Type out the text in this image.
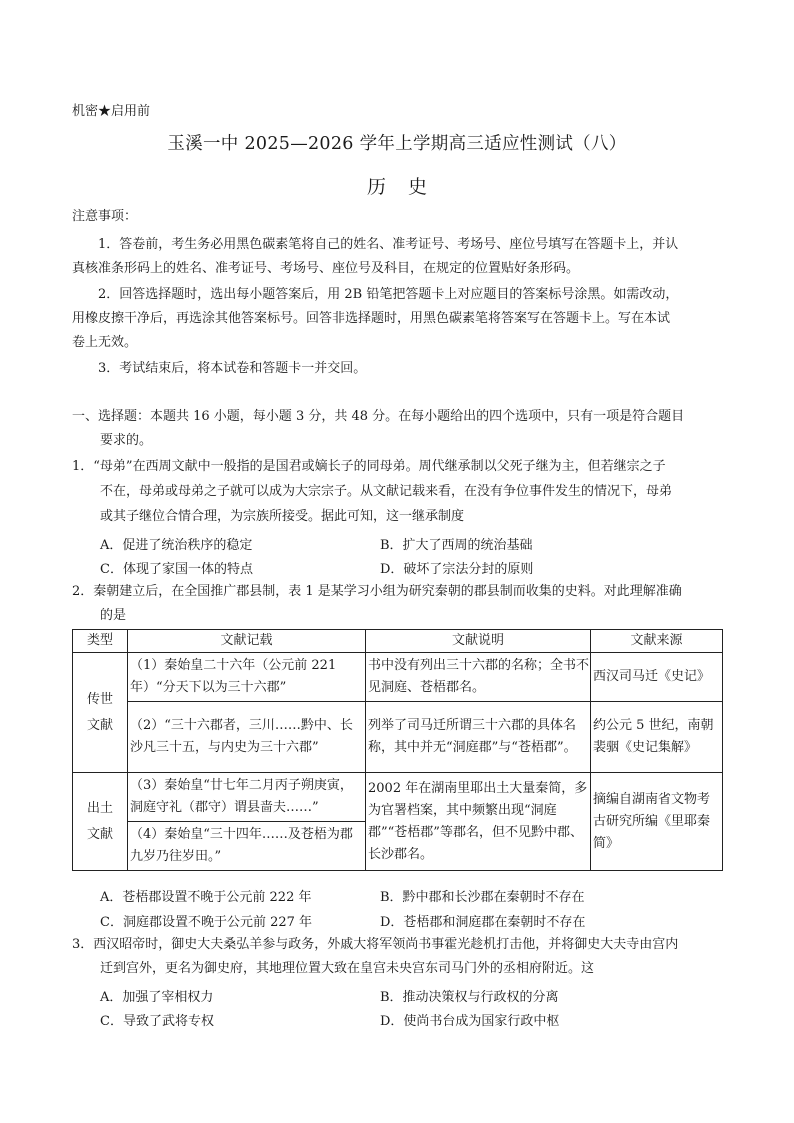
机密★启用前
玉溪一中 2025—2026 学年上学期高三适应性测试（八）
历史
注意事项：
1．答卷前，考生务必用黑色碳素笔将自己的姓名、准考证号、考场号、座位号填写在答题卡上，并认
真核准条形码上的姓名、准考证号、考场号、座位号及科目，在规定的位置贴好条形码。
2．回答选择题时，选出每小题答案后，用 2B 铅笔把答题卡上对应题目的答案标号涂黑。如需改动，
用橡皮擦干净后，再选涂其他答案标号。回答非选择题时，用黑色碳素笔将答案写在答题卡上。写在本试
卷上无效。
3．考试结束后，将本试卷和答题卡一并交回。
一、选择题：本题共 16 小题，每小题 3 分，共 48 分。在每小题给出的四个选项中，只有一项是符合题目
要求的。
1．“母弟”在西周文献中一般指的是国君或嫡长子的同母弟。周代继承制以父死子继为主，但若继宗之子
不在，母弟或母弟之子就可以成为大宗宗子。从文献记载来看，在没有争位事件发生的情况下，母弟
或其子继位合情合理，为宗族所接受。据此可知，这一继承制度
A．促进了统治秩序的稳定	B．扩大了西周的统治基础
C．体现了家国一体的特点	D．破坏了宗法分封的原则
2．秦朝建立后，在全国推广郡县制，表 1 是某学习小组为研究秦朝的郡县制而收集的史料。对此理解准确
的是
类型	文献记载	文献说明	文献来源
传世文献	（1）秦始皇二十六年（公元前 221 年）“分天下以为三十六郡”	书中没有列出三十六郡的名称；全书不见洞庭、苍梧郡名。	西汉司马迁《史记》
	（2）“三十六郡者，三川……黔中、长沙凡三十五，与内史为三十六郡”	列举了司马迁所谓三十六郡的具体名称，其中并无“洞庭郡”与“苍梧郡”。	约公元 5 世纪，南朝裴骃《史记集解》
出土文献	（3）秦始皇“廿七年二月丙子朔庚寅，洞庭守礼（郡守）谓县啬夫……”	2002 年在湖南里耶出土大量秦简，多为官署档案，其中频繁出现“洞庭郡”“苍梧郡”等郡名，但不见黔中郡、长沙郡名。	摘编自湖南省文物考古研究所编《里耶秦简》
	（4）秦始皇“三十四年……及苍梧为郡九岁乃往岁田。”		
A．苍梧郡设置不晚于公元前 222 年	B．黔中郡和长沙郡在秦朝时不存在
C．洞庭郡设置不晚于公元前 227 年	D．苍梧郡和洞庭郡在秦朝时不存在
3．西汉昭帝时，御史大夫桑弘羊参与政务，外戚大将军领尚书事霍光趁机打击他，并将御史大夫寺由宫内
迁到宫外，更名为御史府，其地理位置大致在皇宫未央宫东司马门外的丞相府附近。这
A．加强了宰相权力	B．推动决策权与行政权的分离
C．导致了武将专权	D．使尚书台成为国家行政中枢
